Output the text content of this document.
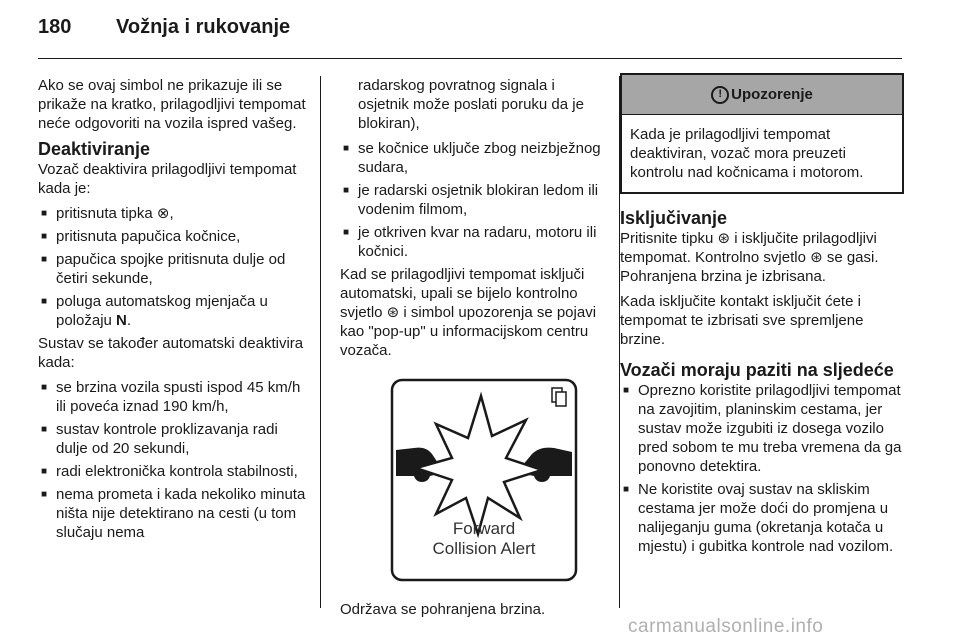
180 Vožnja i rukovanje

Ako se ovaj simbol ne prikazuje ili se prikaže na kratko, prilagodljivi tempomat neće odgovoriti na vozila ispred vašeg.

Deaktiviranje

Vozač deaktivira prilagodljivi tempomat kada je:

■ pritisnuta tipka ⊗,
■ pritisnuta papučica kočnice,
■ papučica spojke pritisnuta dulje od četiri sekunde,
■ poluga automatskog mjenjača u položaju N.

Sustav se također automatski deaktivira kada:

■ se brzina vozila spusti ispod 45 km/h ili poveća iznad 190 km/h,
■ sustav kontrole proklizavanja radi dulje od 20 sekundi,
■ radi elektronička kontrola stabilnosti,
■ nema prometa i kada nekoliko minuta ništa nije detektirano na cesti (u tom slučaju nema

radarskog povratnog signala i osjetnik može poslati poruku da je blokiran),

■ se kočnice uključe zbog neizbježnog sudara,
■ je radarski osjetnik blokiran ledom ili vodenim filmom,
■ je otkriven kvar na radaru, motoru ili kočnici.

Kad se prilagodljivi tempomat isključi automatski, upali se bijelo kontrolno svjetlo ⊛ i simbol upozorenja se pojavi kao "pop-up" u informacijskom centru vozača.

Forward
Collision Alert

Održava se pohranjena brzina.

! Upozorenje
Kada je prilagodljivi tempomat deaktiviran, vozač mora preuzeti kontrolu nad kočnicama i motorom.
Isključivanje

Pritisnite tipku ⊛ i isključite prilagodljivi tempomat. Kontrolno svjetlo ⊛ se gasi. Pohranjena brzina je izbrisana.

Kada isključite kontakt isključit ćete i tempomat te izbrisati sve spremljene brzine.

Vozači moraju paziti na sljedeće
■ Oprezno koristite prilagodljivi tempomat na zavojitim, planinskim cestama, jer sustav može izgubiti iz dosega vozilo pred sobom te mu treba vremena da ga ponovno detektira.
■ Ne koristite ovaj sustav na skliskim cestama jer može doći do promjena u nalijeganju guma (okretanja kotača u mjestu) i gubitka kontrole nad vozilom.
carmanualsonline.info
